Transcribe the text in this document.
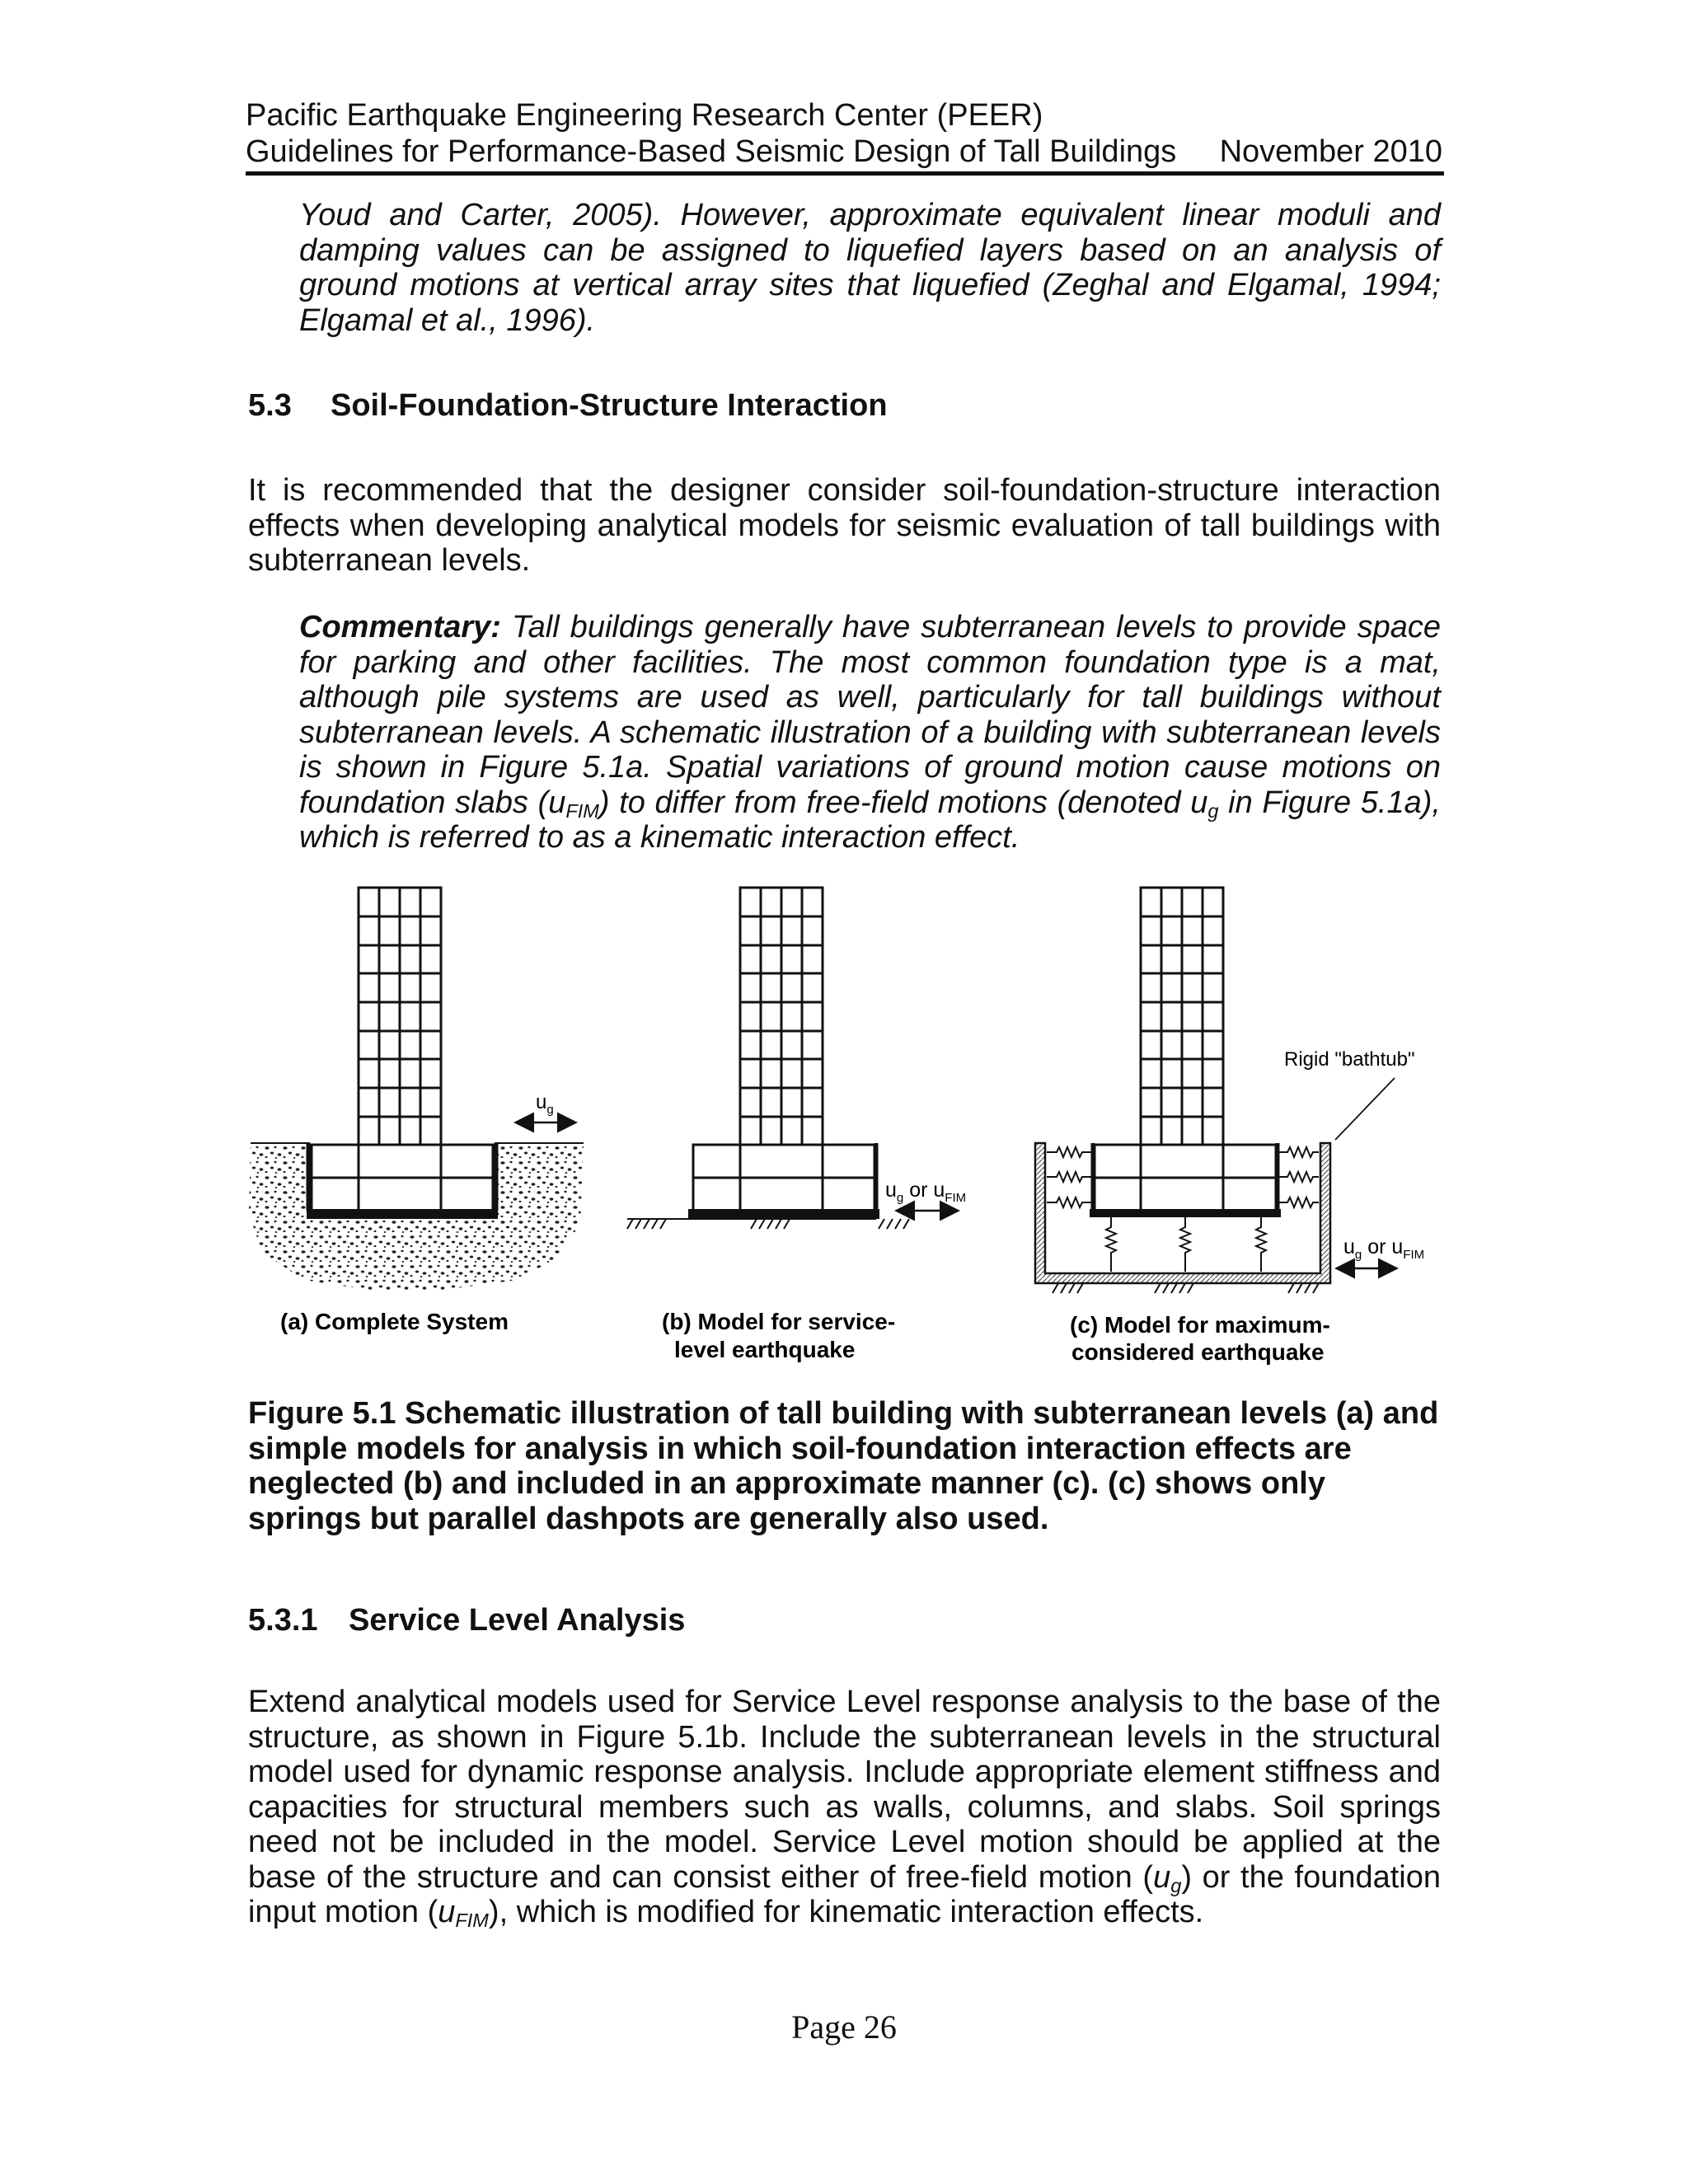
Pacific Earthquake Engineering Research Center (PEER)
Guidelines for Performance-Based Seismic Design of Tall Buildings November 2010
Youd and Carter, 2005). However, approximate equivalent linear moduli and damping values can be assigned to liquefied layers based on an analysis of ground motions at vertical array sites that liquefied (Zeghal and Elgamal, 1994; Elgamal et al., 1996).
5.3 Soil-Foundation-Structure Interaction
It is recommended that the designer consider soil-foundation-structure interaction effects when developing analytical models for seismic evaluation of tall buildings with subterranean levels.
Commentary: Tall buildings generally have subterranean levels to provide space for parking and other facilities. The most common foundation type is a mat, although pile systems are used as well, particularly for tall buildings without subterranean levels. A schematic illustration of a building with subterranean levels is shown in Figure 5.1a. Spatial variations of ground motion cause motions on foundation slabs $(u_{FIM})$ to differ from free-field motions (denoted $u_g$ in Figure 5.1a), which is referred to as a kinematic interaction effect.
$u_g$
(a) Complete System
$u_g$ or $u_{FIM}$
(b) Model for service-
level earthquake
Rigid "bathtub"
$u_g$ or $u_{FIM}$
(c) Model for maximum-
considered earthquake
Figure 5.1 Schematic illustration of tall building with subterranean levels (a) and simple models for analysis in which soil-foundation interaction effects are neglected (b) and included in an approximate manner (c). (c) shows only springs but parallel dashpots are generally also used.
5.3.1 Service Level Analysis
Extend analytical models used for Service Level response analysis to the base of the structure, as shown in Figure 5.1b. Include the subterranean levels in the structural model used for dynamic response analysis. Include appropriate element stiffness and capacities for structural members such as walls, columns, and slabs. Soil springs need not be included in the model. Service Level motion should be applied at the base of the structure and can consist either of free-field motion $(u_g)$ or the foundation input motion $(u_{FIM})$, which is modified for kinematic interaction effects.
Page 26
